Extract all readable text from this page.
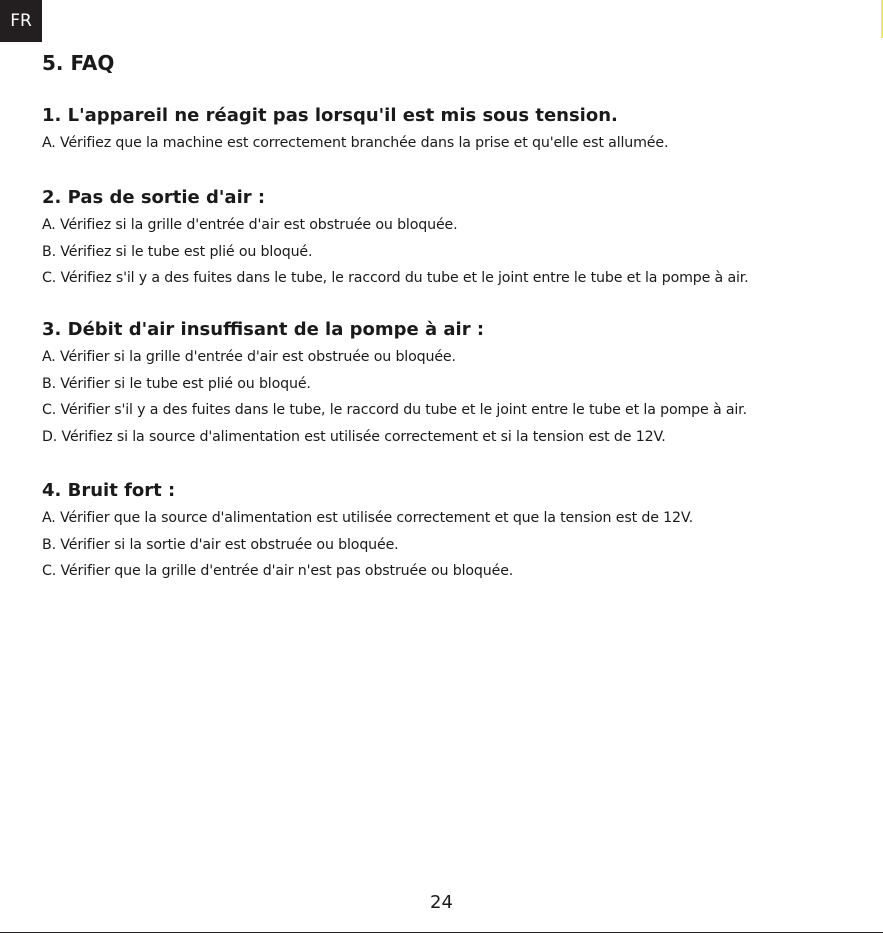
FR
5. FAQ
1. L'appareil ne réagit pas lorsqu'il est mis sous tension.

A. Vérifiez que la machine est correctement branchée dans la prise et qu'elle est allumée.

2. Pas de sortie d'air :

A. Vérifiez si la grille d'entrée d'air est obstruée ou bloquée.

B. Vérifiez si le tube est plié ou bloqué.

C. Vérifiez s'il y a des fuites dans le tube, le raccord du tube et le joint entre le tube et la pompe à air.

3. Débit d'air insuffisant de la pompe à air :

A. Vérifier si la grille d'entrée d'air est obstruée ou bloquée.

B. Vérifier si le tube est plié ou bloqué.

C. Vérifier s'il y a des fuites dans le tube, le raccord du tube et le joint entre le tube et la pompe à air.

D. Vérifiez si la source d'alimentation est utilisée correctement et si la tension est de 12V.

4. Bruit fort :

A. Vérifier que la source d'alimentation est utilisée correctement et que la tension est de 12V.

B. Vérifier si la sortie d'air est obstruée ou bloquée.

C. Vérifier que la grille d'entrée d'air n'est pas obstruée ou bloquée.

24
